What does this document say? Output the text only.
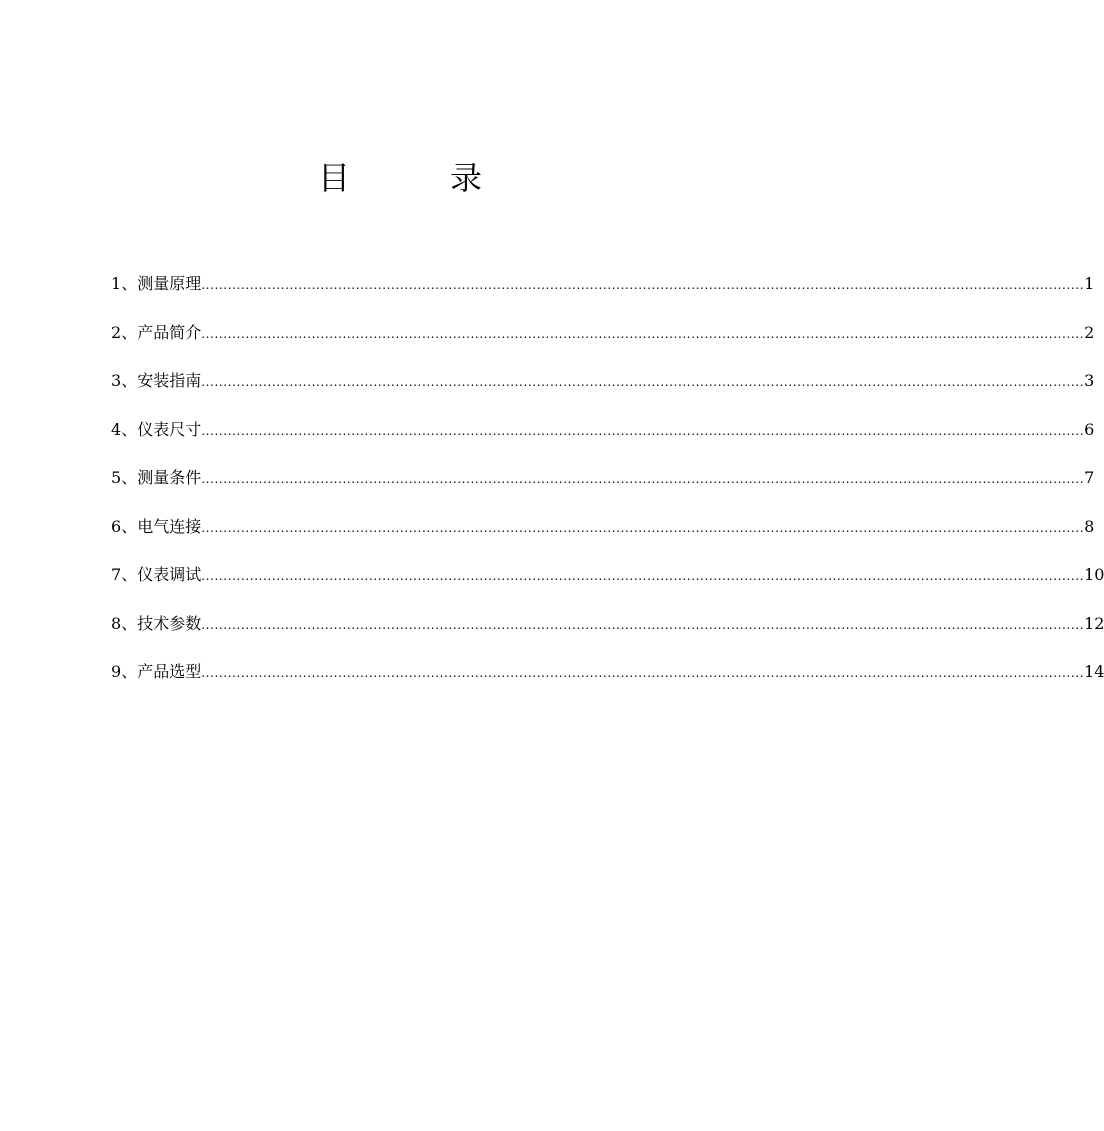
目　录
1 、 测量原理 ........................................................................................................................................................................................................ 1
2 、 产品简介 ........................................................................................................................................................................................................ 2
3 、 安装指南 ........................................................................................................................................................................................................ 3
4 、 仪表尺寸 ........................................................................................................................................................................................................ 6
5 、 测量条件 ........................................................................................................................................................................................................ 7
6 、 电气连接 ........................................................................................................................................................................................................ 8
7 、 仪表调试 ........................................................................................................................................................................................................ 10
8 、 技术参数 ........................................................................................................................................................................................................ 12
9 、 产品选型 ........................................................................................................................................................................................................ 14
